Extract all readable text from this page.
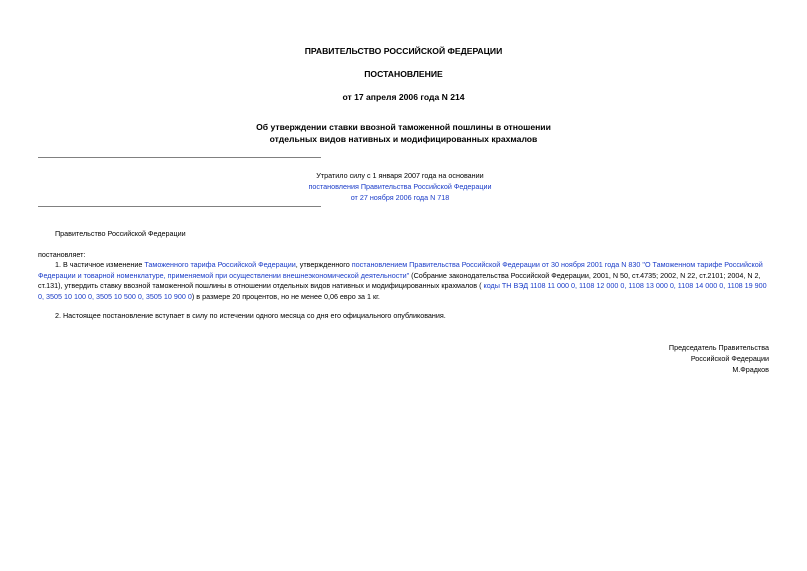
ПРАВИТЕЛЬСТВО РОССИЙСКОЙ ФЕДЕРАЦИИ
ПОСТАНОВЛЕНИЕ
от 17 апреля 2006 года N 214
Об утверждении ставки ввозной таможенной пошлины в отношении
отдельных видов нативных и модифицированных крахмалов
Утратило силу с 1 января 2007 года на основании
постановления Правительства Российской Федерации
от 27 ноября 2006 года N 718
Правительство Российской Федерации
постановляет:
1. В частичное изменение Таможенного тарифа Российской Федерации, утвержденного постановлением Правительства Российской Федерации от 30 ноября 2001 года N 830 "О Таможенном тарифе Российской Федерации и товарной номенклатуре, применяемой при осуществлении внешнеэкономической деятельности" (Собрание законодательства Российской Федерации, 2001, N 50, ст.4735; 2002, N 22, ст.2101; 2004, N 2, ст.131), утвердить ставку ввозной таможенной пошлины в отношении отдельных видов нативных и модифицированных крахмалов ( коды ТН ВЭД 1108 11 000 0, 1108 12 000 0, 1108 13 000 0, 1108 14 000 0, 1108 19 900 0, 3505 10 100 0, 3505 10 500 0, 3505 10 900 0) в размере 20 процентов, но не менее 0,06 евро за 1 кг.
2. Настоящее постановление вступает в силу по истечении одного месяца со дня его официального опубликования.
Председатель Правительства
Российской Федерации
М.Фрадков
